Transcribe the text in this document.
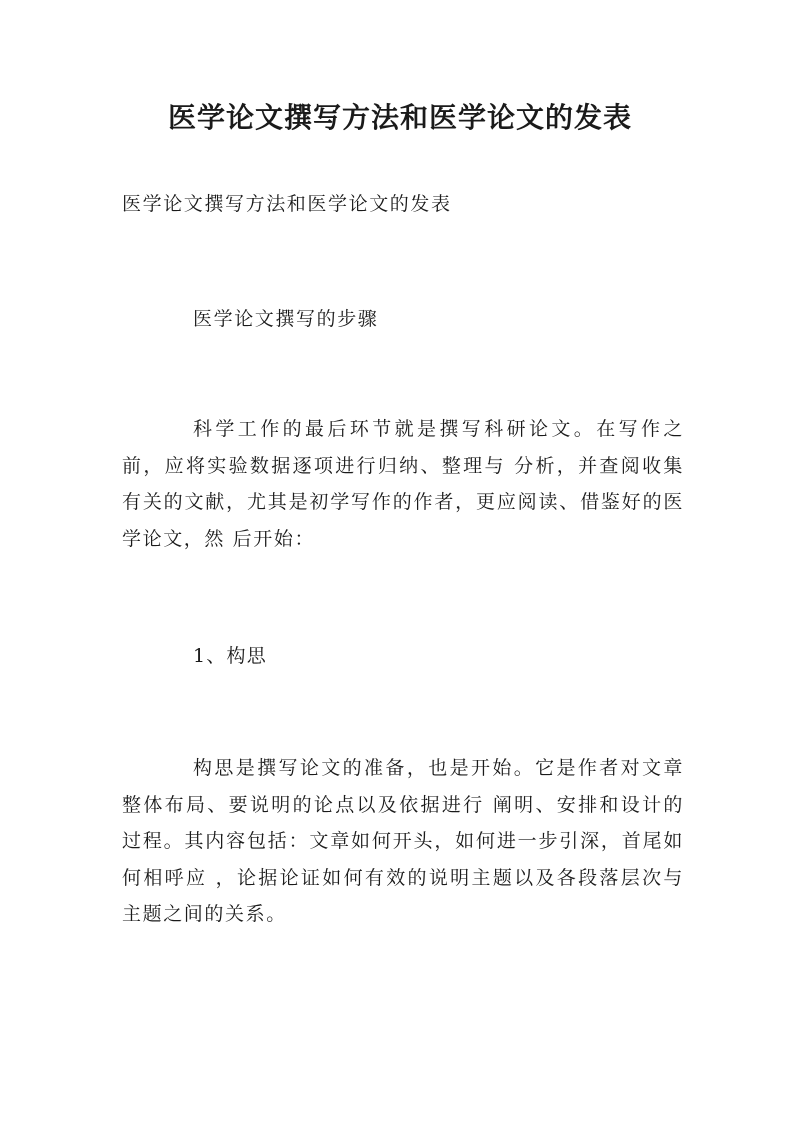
医学论文撰写方法和医学论文的发表

医学论文撰写方法和医学论文的发表

医学论文撰写的步骤

科学工作的最后环节就是撰写科研论文。在写作之前，应将实验数据逐项进行归纳、整理与 分析，并查阅收集有关的文献，尤其是初学写作的作者，更应阅读、借鉴好的医学论文，然 后开始：

1、构思

构思是撰写论文的准备，也是开始。它是作者对文章整体布局、要说明的论点以及依据进行 阐明、安排和设计的过程。其内容包括：文章如何开头，如何进一步引深，首尾如何相呼应 ，论据论证如何有效的说明主题以及各段落层次与主题之间的关系。
